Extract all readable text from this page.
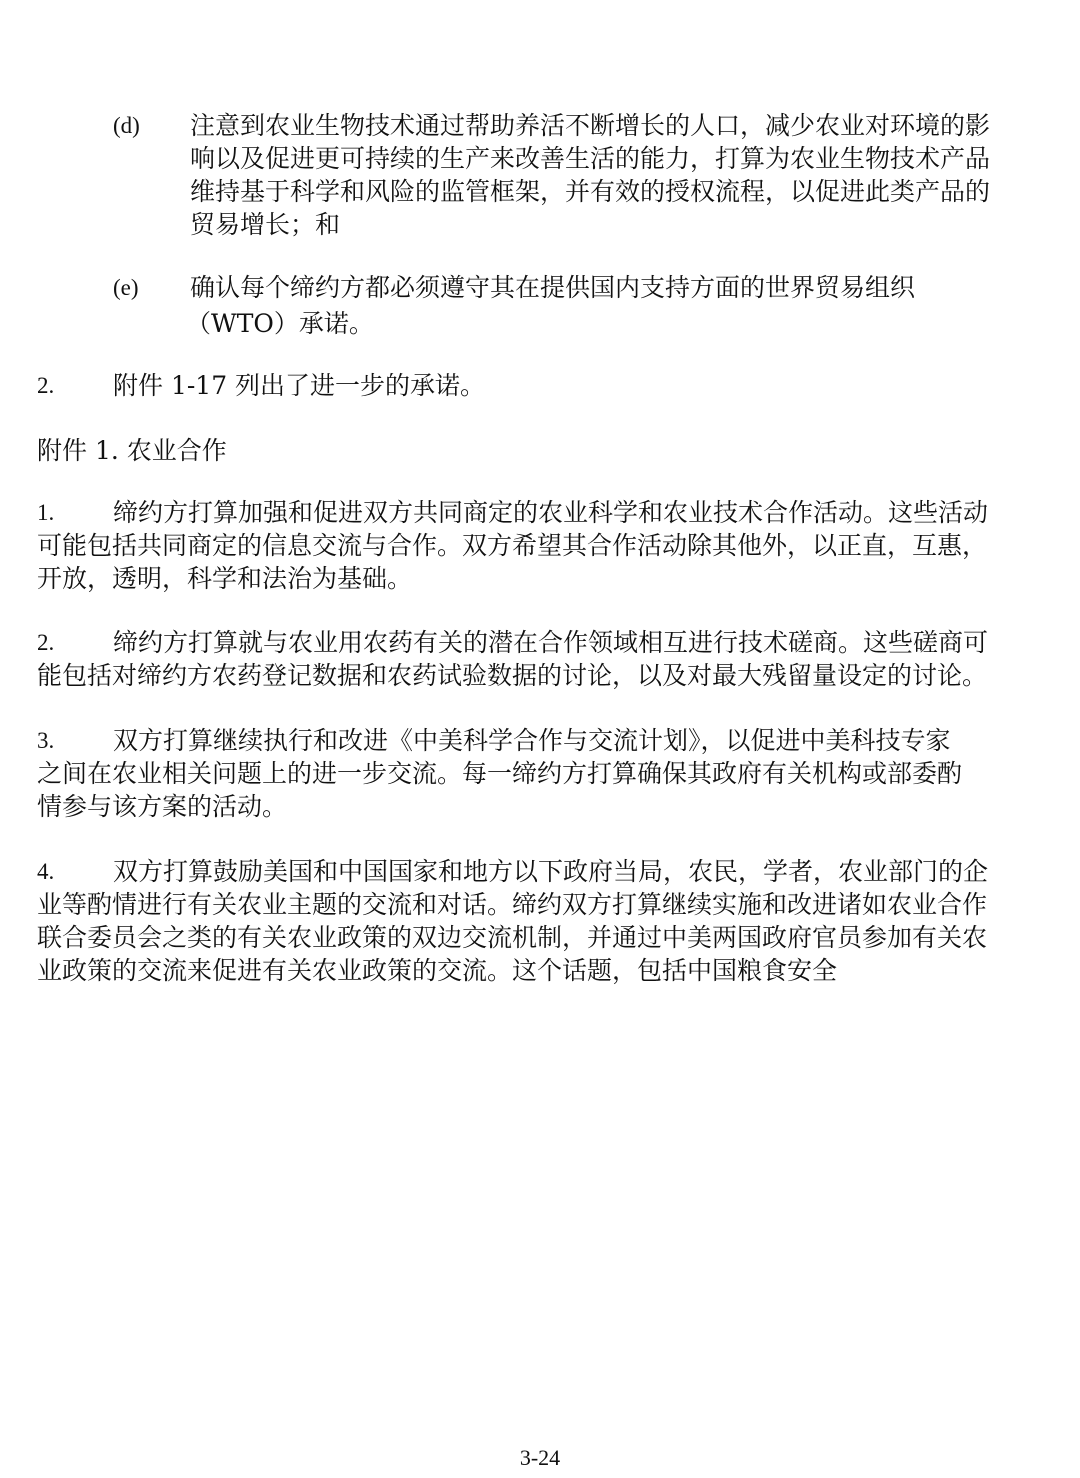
(d) 注意到农业生物技术通过帮助养活不断增长的人口，减少农业对环境的影
响以及促进更可持续的生产来改善生活的能力，打算为农业生物技术产品
维持基于科学和风险的监管框架，并有效的授权流程，以促进此类产品的
贸易增长；和
(e) 确认每个缔约方都必须遵守其在提供国内支持方面的世界贸易组织
（WTO）承诺。
2. 附件 1-17 列出了进一步的承诺。
附件 1. 农业合作
1. 缔约方打算加强和促进双方共同商定的农业科学和农业技术合作活动。这些活动
可能包括共同商定的信息交流与合作。双方希望其合作活动除其他外，以正直，互惠，
开放，透明，科学和法治为基础。
2. 缔约方打算就与农业用农药有关的潜在合作领域相互进行技术磋商。这些磋商可
能包括对缔约方农药登记数据和农药试验数据的讨论，以及对最大残留量设定的讨论。
3. 双方打算继续执行和改进《中美科学合作与交流计划》，以促进中美科技专家
之间在农业相关问题上的进一步交流。每一缔约方打算确保其政府有关机构或部委酌
情参与该方案的活动。
4. 双方打算鼓励美国和中国国家和地方以下政府当局，农民，学者，农业部门的企
业等酌情进行有关农业主题的交流和对话。缔约双方打算继续实施和改进诸如农业合作
联合委员会之类的有关农业政策的双边交流机制，并通过中美两国政府官员参加有关农
业政策的交流来促进有关农业政策的交流。这个话题，包括中国粮食安全
3-24
